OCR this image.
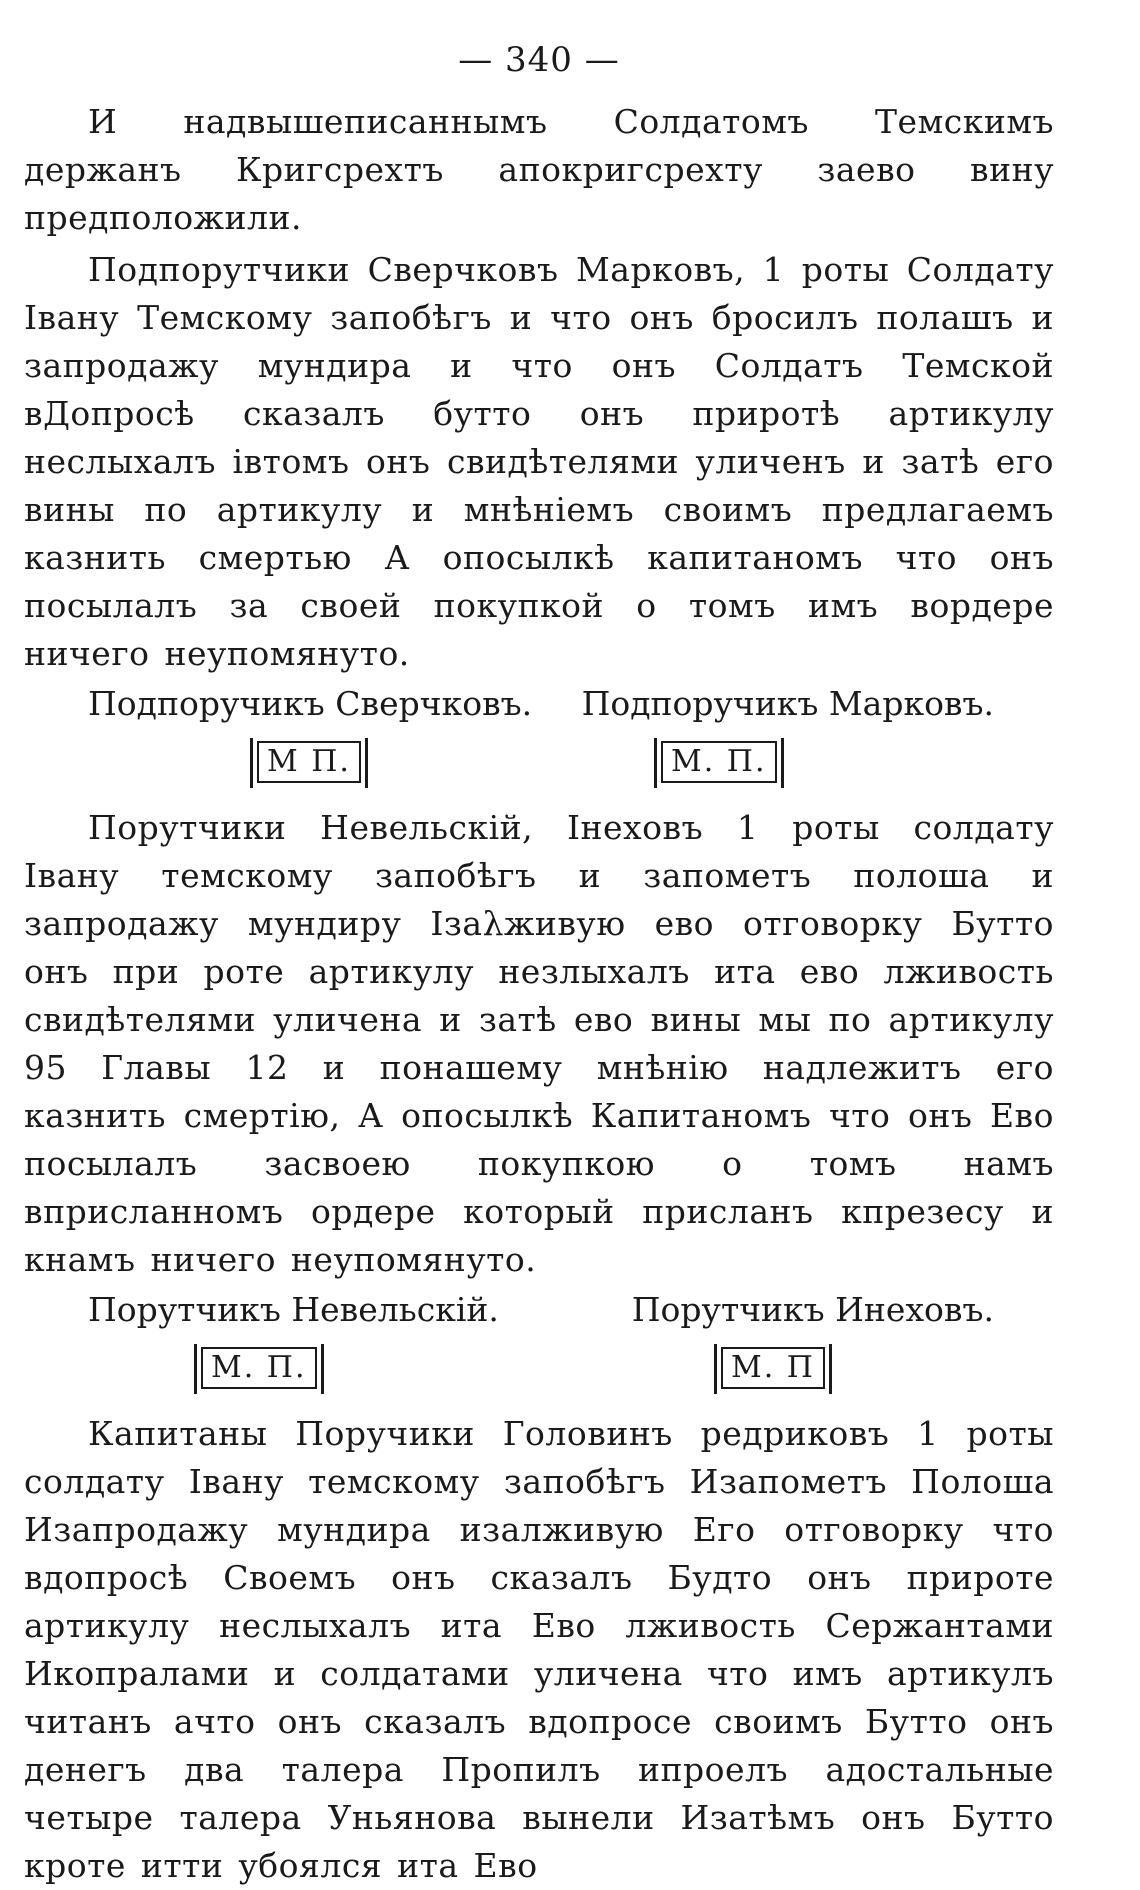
— 340 —

И надвышеписаннымъ Солдатомъ Темскимъ держанъ Кригсрехтъ апокригсрехту заево вину предположили.

Подпорутчики Сверчковъ Марковъ, 1 роты Солдату Івану Темскому запобѣгъ и что онъ бросилъ полашъ и запродажу мундира и что онъ Солдатъ Темской вДопросѣ сказалъ бутто онъ приротѣ артикулу неслыхалъ івтомъ онъ свидѣтелями уличенъ и затѣ его вины по артикулу и мнѣніемъ своимъ предлагаемъ казнить смертью А опосылкѣ капитаномъ что онъ посылалъ за своей покупкой о томъ имъ вордере ничего неупомянуто.

Подпоручикъ Сверчковъ. Подпоручикъ Марковъ.
М П.	М. П.

Порутчики Невельскій, Інеховъ 1 роты солдату Івану темскому запобѣгъ и запометъ полоша и запродажу мундиру Ізаλживую ево отговорку Бутто онъ при роте артикулу незлыхалъ ита ево лживость свидѣтелями уличена и затѣ ево вины мы по артикулу 95 Главы 12 и понашему мнѣнію надлежитъ его казнить смертію, А опосылкѣ Капитаномъ что онъ Ево посылалъ засвоею покупкою о томъ намъ вприсланномъ ордере который присланъ кпрезесу и кнамъ ничего неупомянуто.

Порутчикъ Невельскій.	Порутчикъ Инеховъ.
М. П.	М. П

Капитаны Поручики Головинъ редриковъ 1 роты солдату Івану темскому запобѣгъ Изапометъ Полоша Изапродажу мундира изалживую Его отговорку что вдопросѣ Своемъ онъ сказалъ Будто онъ прироте артикулу неслыхалъ ита Ево лживость Сержантами Икопралами и солдатами уличена что имъ артикулъ читанъ ачто онъ сказалъ вдопросе своимъ Бутто онъ денегъ два талера Пропилъ ипроелъ адостальные четыре талера Уньянова вынели Изатѣмъ онъ Бутто кроте итти убоялся ита Ево
